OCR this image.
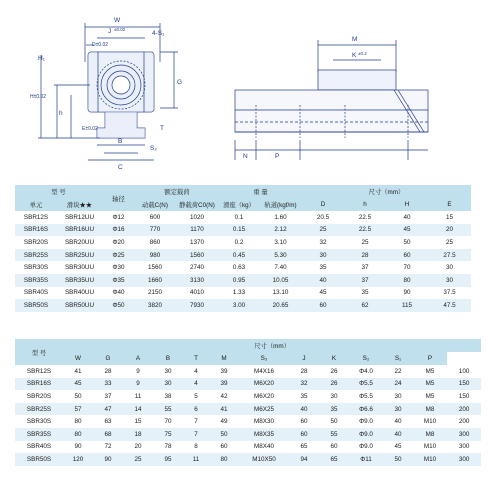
W
J ±0.02
D±0.02
4-S₁
H₁
H±0.02
h
G
E±0.02	T
B
S₂
C
M
K ±0.2
N	P
型 号		轴径	额定载荷		重 量		尺寸（mm）			
单元	滑块★★		动载C(N)	静载荷C0(N)	滑座（kg）	轨道(kgf/m)	D	h	H	E
SBR12S	SBR12UU	Φ12	600	1020	0.1	1.60	20.5	22.5	40	15
SBR16S	SBR16UU	Φ16	770	1170	0.15	2.12	25	22.5	45	20
SBR20S	SBR20UU	Φ20	860	1370	0.2	3.10	32	25	50	25
SBR25S	SBR25UU	Φ25	980	1560	0.45	5.30	30	28	60	27.5
SBR30S	SBR30UU	Φ30	1560	2740	0.63	7.40	35	37	70	30
SBR35S	SBR35UU	Φ35	1660	3130	0.95	10.05	40	37	80	30
SBR40S	SBR40UU	Φ40	2150	4010	1.33	13.10	45	35	90	37.5
SBR50S	SBR50UU	Φ50	3820	7930	3.00	20.65	60	62	115	47.5
型 号	尺寸（mm）												
	W	G	A	B	T	M	S₃	J	K	S₂	S₁	P	
SBR12S	41	28	9	30	4	39	M4X16	28	26	Φ4.0	22	M5	100
SBR16S	45	33	9	30	4	39	M6X20	32	26	Φ5.5	24	M5	150
SBR20S	50	37	11	38	5	42	M6X20	35	30	Φ5.5	30	M5	150
SBR25S	57	47	14	55	6	41	M6X25	40	35	Φ6.6	30	M8	200
SBR30S	80	63	15	70	7	49	M8X30	60	50	Φ9.0	40	M10	200
SBR35S	80	68	18	75	7	50	M8X35	60	55	Φ9.0	40	M8	300
SBR40S	90	72	20	78	8	60	M8X40	65	60	Φ9.0	45	M10	300
SBR50S	120	90	25	95	11	80	M10X50	94	65	Φ11	50	M10	300
